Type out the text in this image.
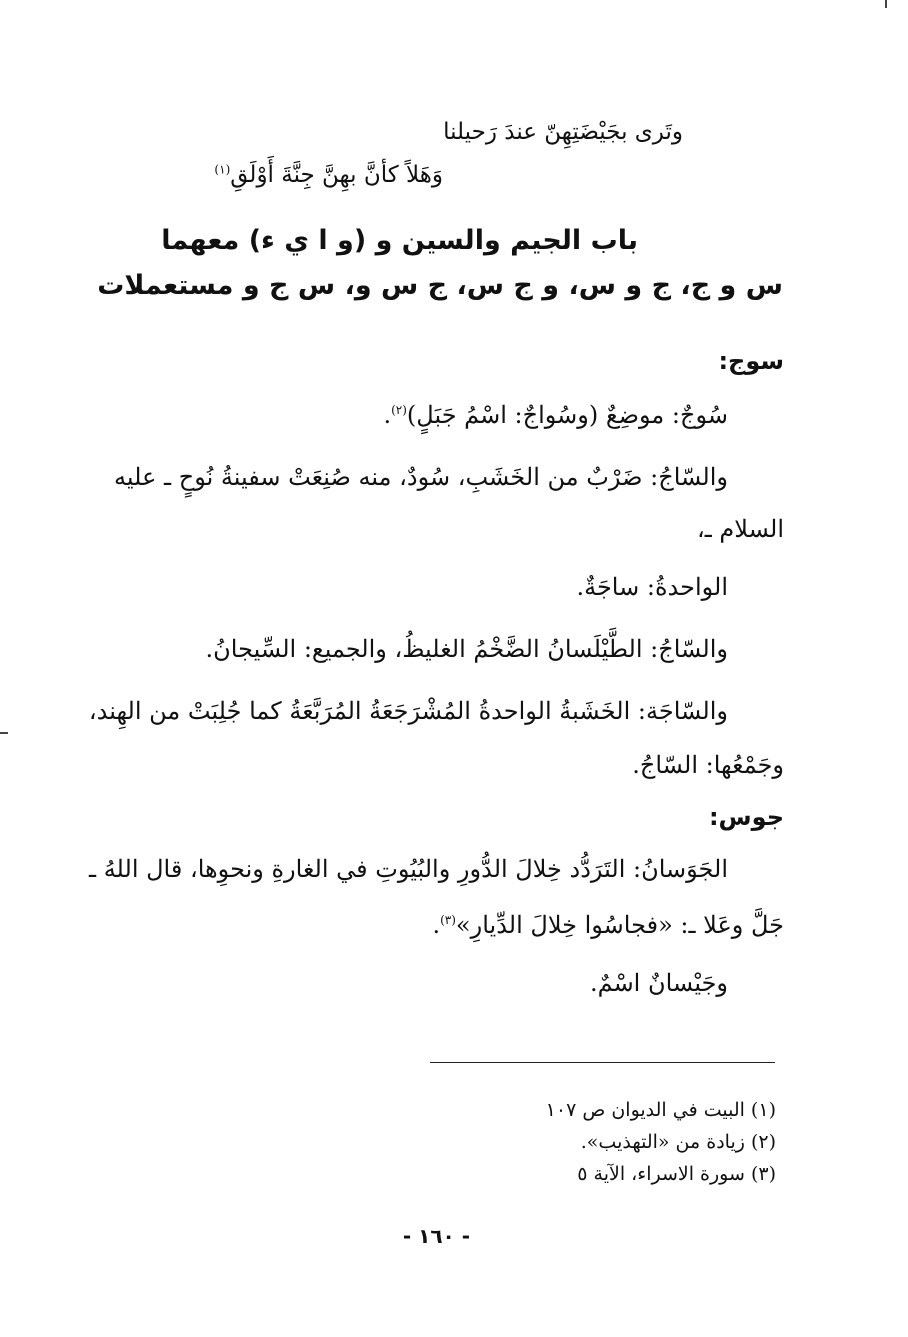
وتَرى بجَيْضَتِهِنّ عندَ رَحيلنا
وَهَلاً كأنَّ بهِنَّ جِنَّةَ أَوْلَقِ$^{(١)}$
باب الجيم والسين و (و ا ي ء) معهما
س و ج، ج و س، و ج س، ج س و، س ج و مستعملات
سوج:
سُوجٌ: موضِعٌ (وسُواجٌ: اسْمُ جَبَلٍ)$^{(٢)}$.
والسّاجُ: ضَرْبٌ من الخَشَبِ، سُودٌ، منه صُنِعَتْ سفينةُ نُوحٍ ـ عليه
السلام ـ،
الواحدةُ: ساجَةٌ.
والسّاجُ: الطَّيْلَسانُ الضَّخْمُ الغليظُ، والجميع: السِّيجانُ.
والسّاجَة: الخَشَبةُ الواحدةُ المُشْرَجَعَةُ المُرَبَّعَةُ كما جُلِبَتْ من الهِند،
وجَمْعُها: السّاجُ.
جوس:
الجَوَسانُ: التَرَدُّد خِلالَ الدُّورِ والبُيُوتِ في الغارةِ ونحوِها، قال اللهُ ـ
جَلَّ وعَلا ـ: «فجاسُوا خِلالَ الدِّيارِ»$^{(٣)}$.
وجَيْسانٌ اسْمٌ.
(١) البيت في الديوان ص ١٠٧
(٢) زيادة من «التهذيب».
(٣) سورة الاسراء، الآية ٥
- ١٦٠ -
